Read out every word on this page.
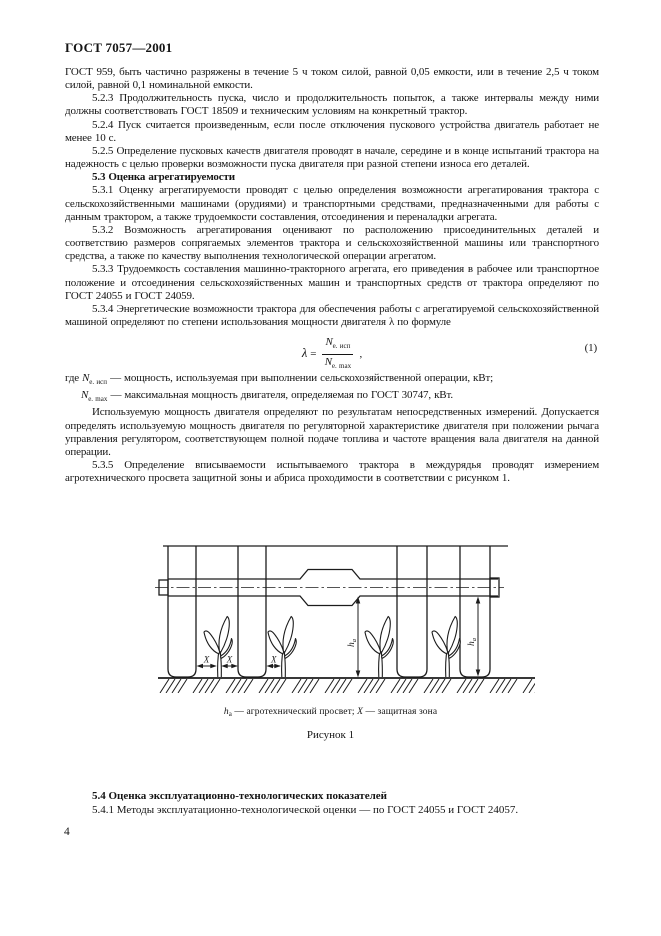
ГОСТ 7057—2001

ГОСТ 959, быть частично разряжены в течение 5 ч током силой, равной 0,05 емкости, или в течение 2,5 ч током силой, равной 0,1 номинальной емкости.

5.2.3 Продолжительность пуска, число и продолжительность попыток, а также интервалы между ними должны соответствовать ГОСТ 18509 и техническим условиям на конкретный трактор.

5.2.4 Пуск считается произведенным, если после отключения пускового устройства двигатель работает не менее 10 с.

5.2.5 Определение пусковых качеств двигателя проводят в начале, середине и в конце испытаний трактора на надежность с целью проверки возможности пуска двигателя при разной степени износа его деталей.

5.3 Оценка агрегатируемости

5.3.1 Оценку агрегатируемости проводят с целью определения возможности агрегатирования трактора с сельскохозяйственными машинами (орудиями) и транспортными средствами, предназначенными для работы с данным трактором, а также трудоемкости составления, отсоединения и переналадки агрегата.

5.3.2 Возможность агрегатирования оценивают по расположению присоединительных деталей и соответствию размеров сопрягаемых элементов трактора и сельскохозяйственной машины или транспортного средства, а также по качеству выполнения технологической операции агрегатом.

5.3.3 Трудоемкость составления машинно-тракторного агрегата, его приведения в рабочее или транспортное положение и отсоединения сельскохозяйственных машин и транспортных средств от трактора определяют по ГОСТ 24055 и ГОСТ 24059.

5.3.4 Энергетические возможности трактора для обеспечения работы с агрегатируемой сельскохозяйственной машиной определяют по степени использования мощности двигателя λ по формуле

$\lambda = \frac{N_{е. исп}}{N_{е. max}}$ ,
(1)

где $N_{е. исп}$ — мощность, используемая при выполнении сельскохозяйственной операции, кВт;

$N_{е. max}$ — максимальная мощность двигателя, определяемая по ГОСТ 30747, кВт.

Используемую мощность двигателя определяют по результатам непосредственных измерений. Допускается определять используемую мощность двигателя по регуляторной характеристике двигателя при положении рычага управления регулятором, соответствующем полной подаче топлива и частоте вращения вала двигателя на данной операции.

5.3.5 Определение вписываемости испытываемого трактора в междурядья проводят измерением агротехнического просвета защитной зоны и абриса проходимости в соответствии с рисунком 1.

$h_а$
$h_а$
X X	X
$h_а$ — агротехнический просвет; X — защитная зона
Рисунок 1

5.4 Оценка эксплуатационно-технологических показателей

5.4.1 Методы эксплуатационно-технологической оценки — по ГОСТ 24055 и ГОСТ 24057.

4
